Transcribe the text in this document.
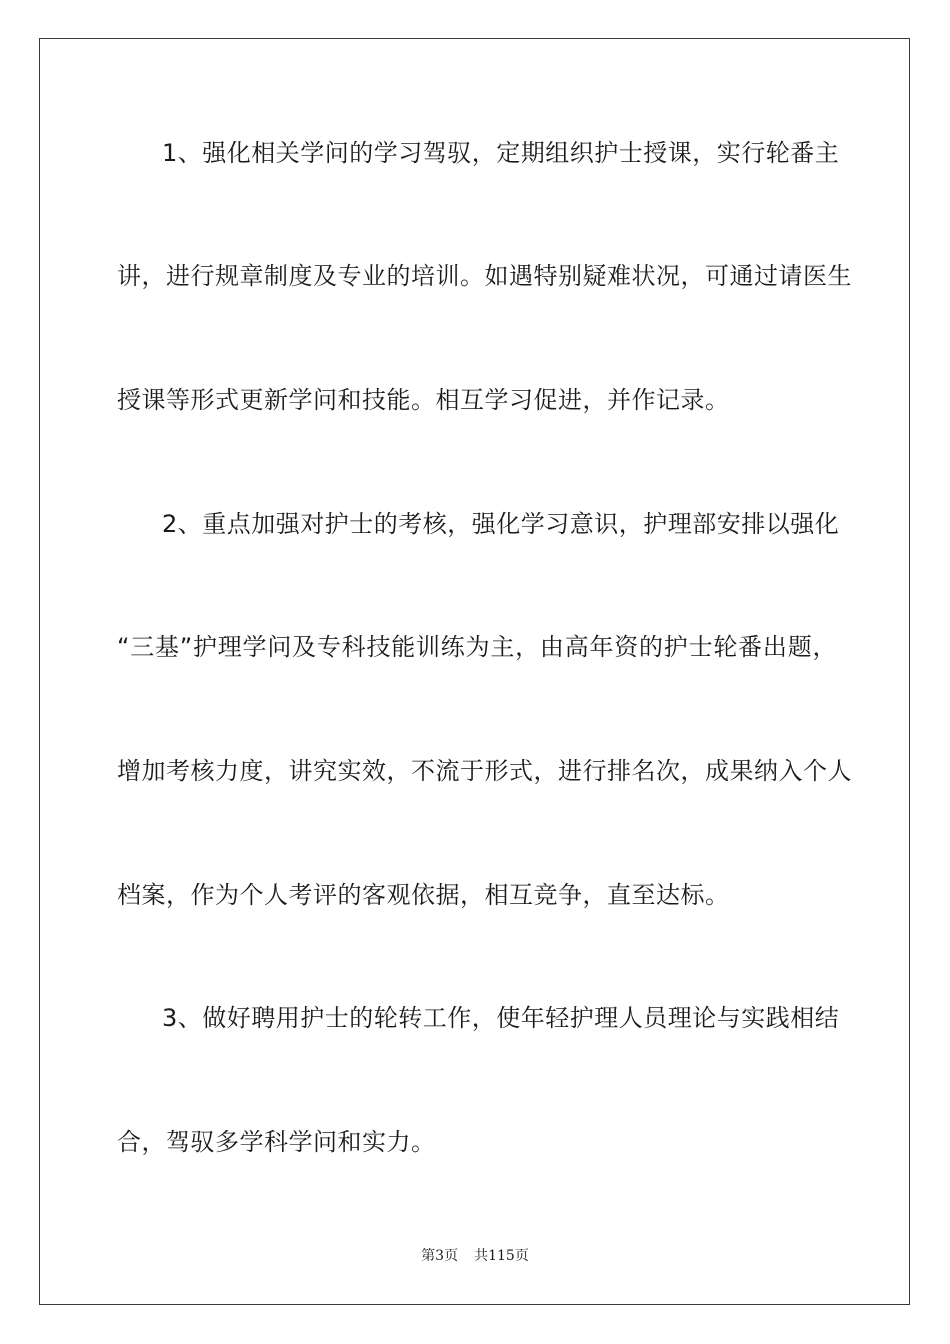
1、强化相关学问的学习驾驭，定期组织护士授课，实行轮番主
讲，进行规章制度及专业的培训。如遇特别疑难状况，可通过请医生
授课等形式更新学问和技能。相互学习促进，并作记录。
2、重点加强对护士的考核，强化学习意识，护理部安排以强化
“三基”护理学问及专科技能训练为主，由高年资的护士轮番出题，
增加考核力度，讲究实效，不流于形式，进行排名次，成果纳入个人
档案，作为个人考评的客观依据，相互竞争，直至达标。
3、做好聘用护士的轮转工作，使年轻护理人员理论与实践相结
合，驾驭多学科学问和实力。
第3页 共115页
